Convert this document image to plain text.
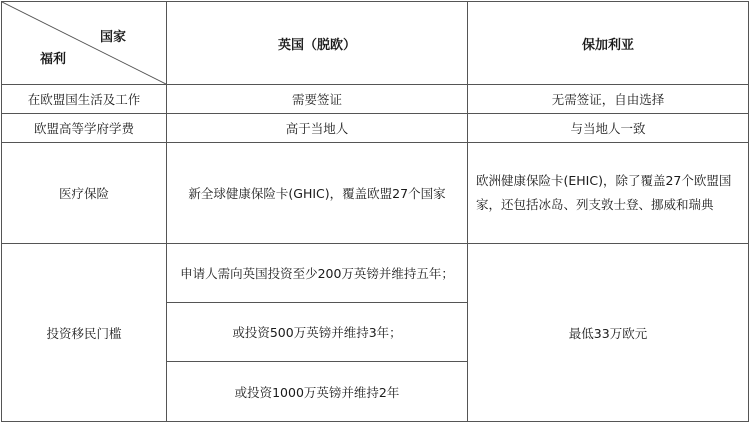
国家
福利	英国（脱欧）	保加利亚
在欧盟国生活及工作	需要签证	无需签证，自由选择
欧盟高等学府学费	高于当地人	与当地人一致
医疗保险	新全球健康保险卡(GHIC)，覆盖欧盟27个国家	欧洲健康保险卡(EHIC)，除了覆盖27个欧盟国家，还包括冰岛、列支敦士登、挪威和瑞典
投资移民门槛	申请人需向英国投资至少200万英镑并维持五年；	最低33万欧元
	或投资500万英镑并维持3年；	
	或投资1000万英镑并维持2年	
